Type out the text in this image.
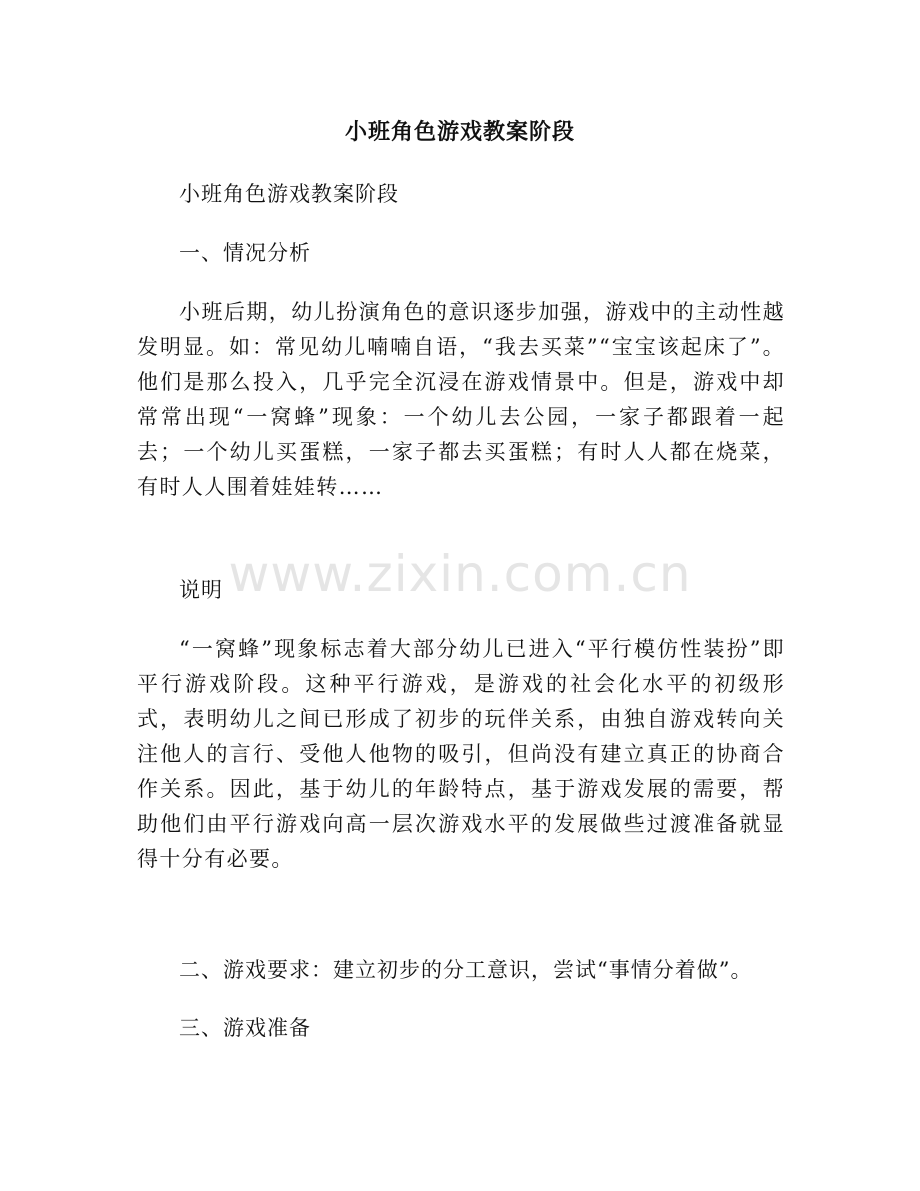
小班角色游戏教案阶段
小班角色游戏教案阶段
一、情况分析

小班后期，幼儿扮演角色的意识逐步加强，游戏中的主动性越发明显。如：常见幼儿喃喃自语，“我去买菜”“宝宝该起床了”。他们是那么投入，几乎完全沉浸在游戏情景中。但是，游戏中却常常出现“一窝蜂”现象：一个幼儿去公园，一家子都跟着一起去；一个幼儿买蛋糕，一家子都去买蛋糕；有时人人都在烧菜，有时人人围着娃娃转……

说明

“一窝蜂”现象标志着大部分幼儿已进入“平行模仿性装扮”即平行游戏阶段。这种平行游戏，是游戏的社会化水平的初级形式，表明幼儿之间已形成了初步的玩伴关系，由独自游戏转向关注他人的言行、受他人他物的吸引，但尚没有建立真正的协商合作关系。因此，基于幼儿的年龄特点，基于游戏发展的需要，帮助他们由平行游戏向高一层次游戏水平的发展做些过渡准备就显得十分有必要。

二、游戏要求：建立初步的分工意识，尝试“事情分着做”。
三、游戏准备
www.zixin.com.cn
